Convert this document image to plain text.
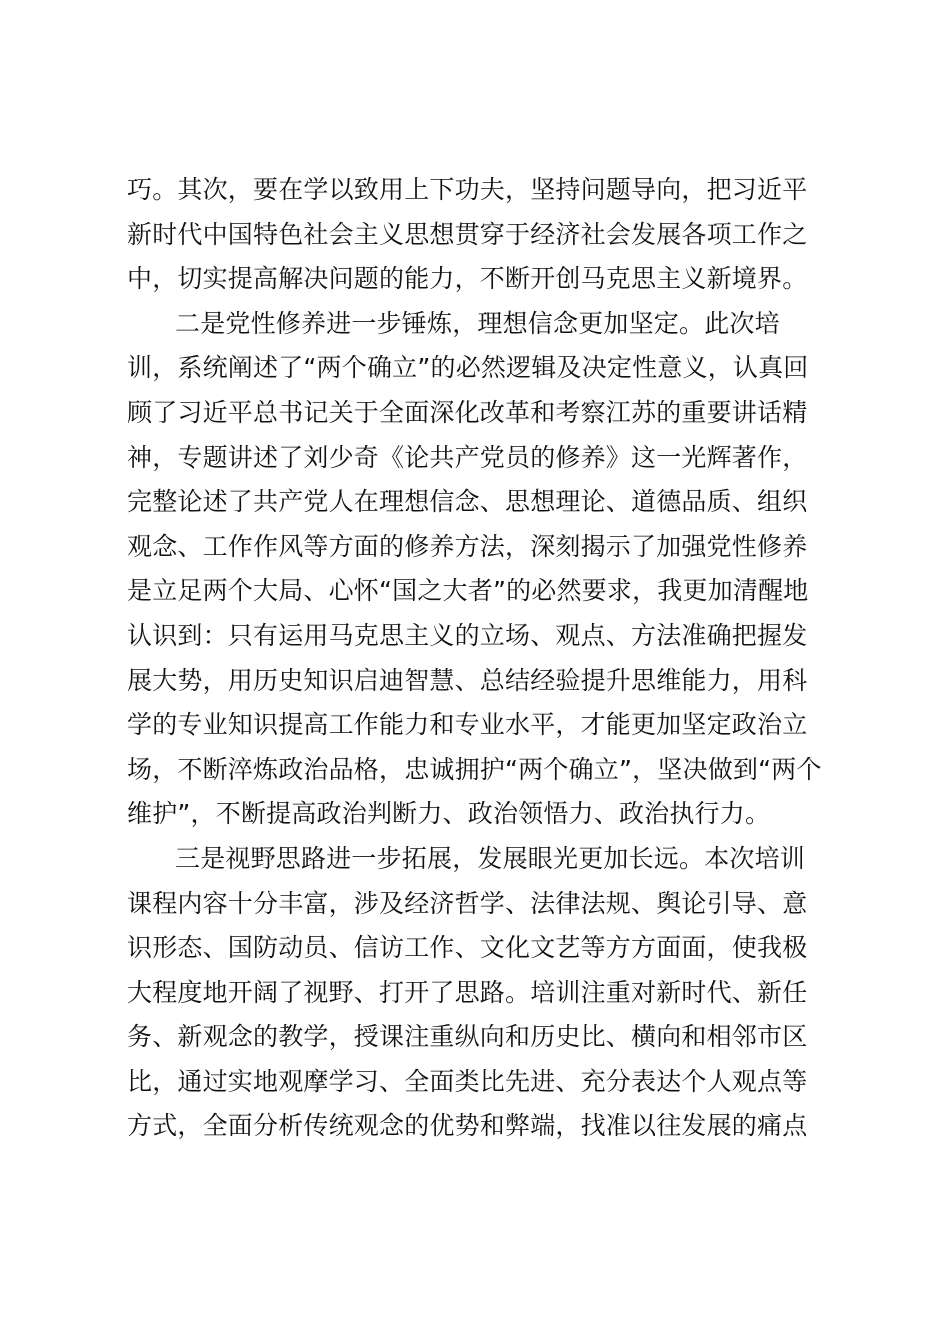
巧。其次，要在学以致用上下功夫，坚持问题导向，把习近平
新时代中国特色社会主义思想贯穿于经济社会发展各项工作之
中，切实提高解决问题的能力，不断开创马克思主义新境界。
二是党性修养进一步锤炼，理想信念更加坚定。此次培
训，系统阐述了“两个确立”的必然逻辑及决定性意义，认真回
顾了习近平总书记关于全面深化改革和考察江苏的重要讲话精
神，专题讲述了刘少奇《论共产党员的修养》这一光辉著作，
完整论述了共产党人在理想信念、思想理论、道德品质、组织
观念、工作作风等方面的修养方法，深刻揭示了加强党性修养
是立足两个大局、心怀“国之大者”的必然要求，我更加清醒地
认识到：只有运用马克思主义的立场、观点、方法准确把握发
展大势，用历史知识启迪智慧、总结经验提升思维能力，用科
学的专业知识提高工作能力和专业水平，才能更加坚定政治立
场，不断淬炼政治品格，忠诚拥护“两个确立”，坚决做到“两个
维护”，不断提高政治判断力、政治领悟力、政治执行力。
三是视野思路进一步拓展，发展眼光更加长远。本次培训
课程内容十分丰富，涉及经济哲学、法律法规、舆论引导、意
识形态、国防动员、信访工作、文化文艺等方方面面，使我极
大程度地开阔了视野、打开了思路。培训注重对新时代、新任
务、新观念的教学，授课注重纵向和历史比、横向和相邻市区
比，通过实地观摩学习、全面类比先进、充分表达个人观点等
方式，全面分析传统观念的优势和弊端，找准以往发展的痛点
